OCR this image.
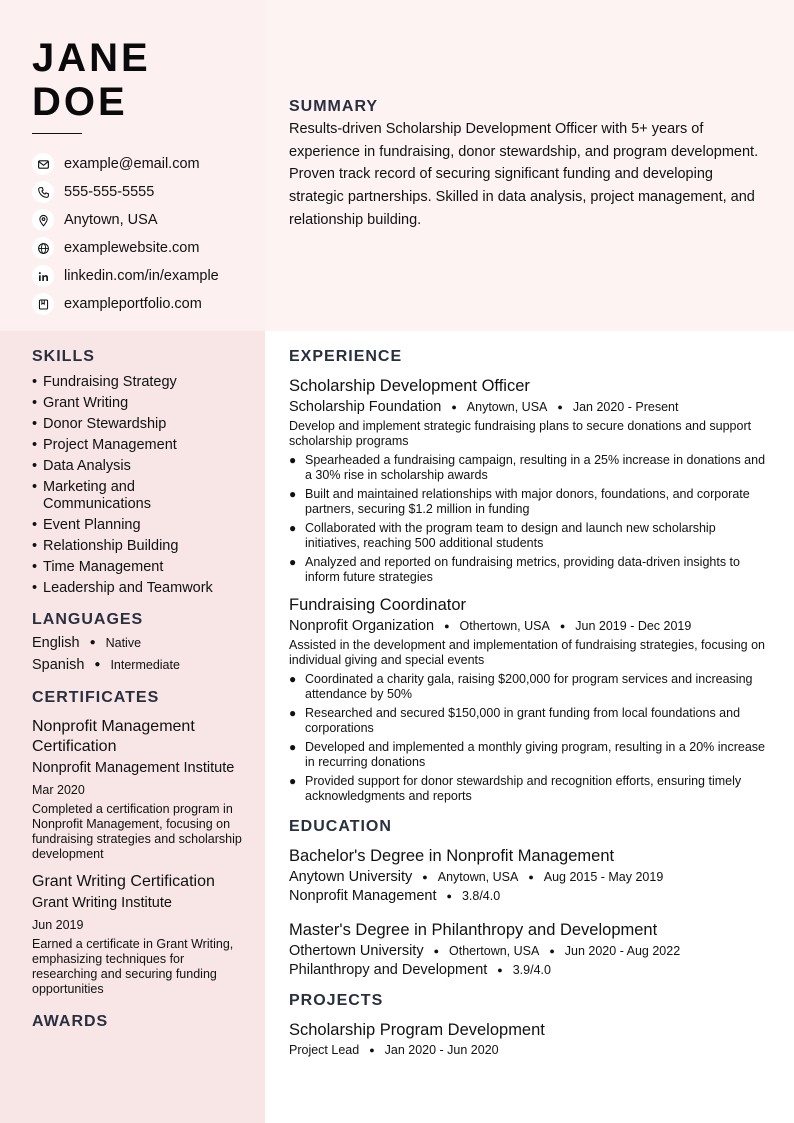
JANE
DOE
example@email.com
555-555-5555
Anytown, USA
examplewebsite.com
linkedin.com/in/example
exampleportfolio.com
SUMMARY

Results-driven Scholarship Development Officer with 5+ years of experience in fundraising, donor stewardship, and program development. Proven track record of securing significant funding and developing strategic partnerships. Skilled in data analysis, project management, and relationship building.

SKILLS
• Fundraising Strategy
• Grant Writing
• Donor Stewardship
• Project Management
• Data Analysis
• Marketing and Communications
• Event Planning
• Relationship Building
• Time Management
• Leadership and Teamwork
LANGUAGES
English ● Native
Spanish ● Intermediate
CERTIFICATES
Nonprofit Management Certification
Nonprofit Management Institute
Mar 2020
Completed a certification program in Nonprofit Management, focusing on fundraising strategies and scholarship development
Grant Writing Certification
Grant Writing Institute
Jun 2019
Earned a certificate in Grant Writing, emphasizing techniques for researching and securing funding opportunities
AWARDS
EXPERIENCE
Scholarship Development Officer
Scholarship Foundation ● Anytown, USA ● Jan 2020 - Present
Develop and implement strategic fundraising plans to secure donations and support scholarship programs
● Spearheaded a fundraising campaign, resulting in a 25% increase in donations and a 30% rise in scholarship awards
● Built and maintained relationships with major donors, foundations, and corporate partners, securing $1.2 million in funding
● Collaborated with the program team to design and launch new scholarship initiatives, reaching 500 additional students
● Analyzed and reported on fundraising metrics, providing data-driven insights to inform future strategies
Fundraising Coordinator
Nonprofit Organization ● Othertown, USA ● Jun 2019 - Dec 2019
Assisted in the development and implementation of fundraising strategies, focusing on individual giving and special events
● Coordinated a charity gala, raising $200,000 for program services and increasing attendance by 50%
● Researched and secured $150,000 in grant funding from local foundations and corporations
● Developed and implemented a monthly giving program, resulting in a 20% increase in recurring donations
● Provided support for donor stewardship and recognition efforts, ensuring timely acknowledgments and reports
EDUCATION
Bachelor's Degree in Nonprofit Management
Anytown University ● Anytown, USA ● Aug 2015 - May 2019
Nonprofit Management ● 3.8/4.0
Master's Degree in Philanthropy and Development
Othertown University ● Othertown, USA ● Jun 2020 - Aug 2022
Philanthropy and Development ● 3.9/4.0
PROJECTS
Scholarship Program Development
Project Lead ● Jan 2020 - Jun 2020
